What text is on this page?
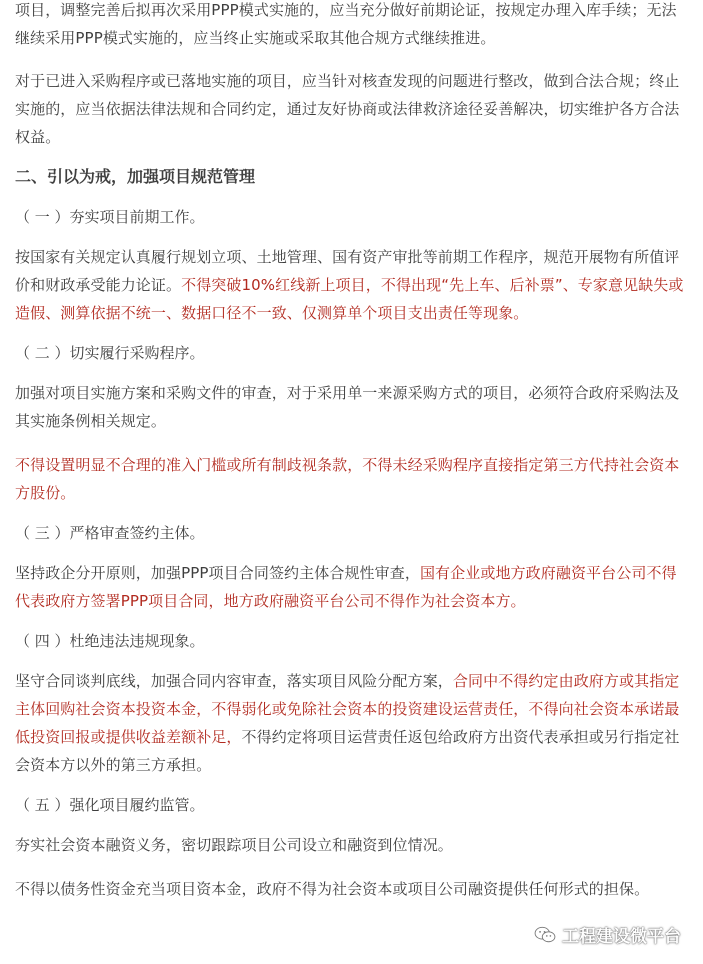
项目，调整完善后拟再次采用PPP模式实施的，应当充分做好前期论证，按规定办理入库手续；无法继续采用PPP模式实施的，应当终止实施或采取其他合规方式继续推进。

对于已进入采购程序或已落地实施的项目，应当针对核查发现的问题进行整改，做到合法合规；终止实施的，应当依据法律法规和合同约定，通过友好协商或法律救济途径妥善解决，切实维护各方合法权益。

二、引以为戒，加强项目规范管理

（ 一 ）夯实项目前期工作。

按国家有关规定认真履行规划立项、土地管理、国有资产审批等前期工作程序，规范开展物有所值评价和财政承受能力论证。不得突破10%红线新上项目，不得出现“先上车、后补票”、专家意见缺失或造假、测算依据不统一、数据口径不一致、仅测算单个项目支出责任等现象。

（ 二 ）切实履行采购程序。

加强对项目实施方案和采购文件的审查，对于采用单一来源采购方式的项目，必须符合政府采购法及其实施条例相关规定。

不得设置明显不合理的准入门槛或所有制歧视条款，不得未经采购程序直接指定第三方代持社会资本方股份。

（ 三 ）严格审查签约主体。

坚持政企分开原则，加强PPP项目合同签约主体合规性审查，国有企业或地方政府融资平台公司不得代表政府方签署PPP项目合同，地方政府融资平台公司不得作为社会资本方。

（ 四 ）杜绝违法违规现象。

坚守合同谈判底线，加强合同内容审查，落实项目风险分配方案，合同中不得约定由政府方或其指定主体回购社会资本投资本金，不得弱化或免除社会资本的投资建设运营责任，不得向社会资本承诺最低投资回报或提供收益差额补足，不得约定将项目运营责任返包给政府方出资代表承担或另行指定社会资本方以外的第三方承担。

（ 五 ）强化项目履约监管。

夯实社会资本融资义务，密切跟踪项目公司设立和融资到位情况。

不得以债务性资金充当项目资本金，政府不得为社会资本或项目公司融资提供任何形式的担保。

工程建设微平台
